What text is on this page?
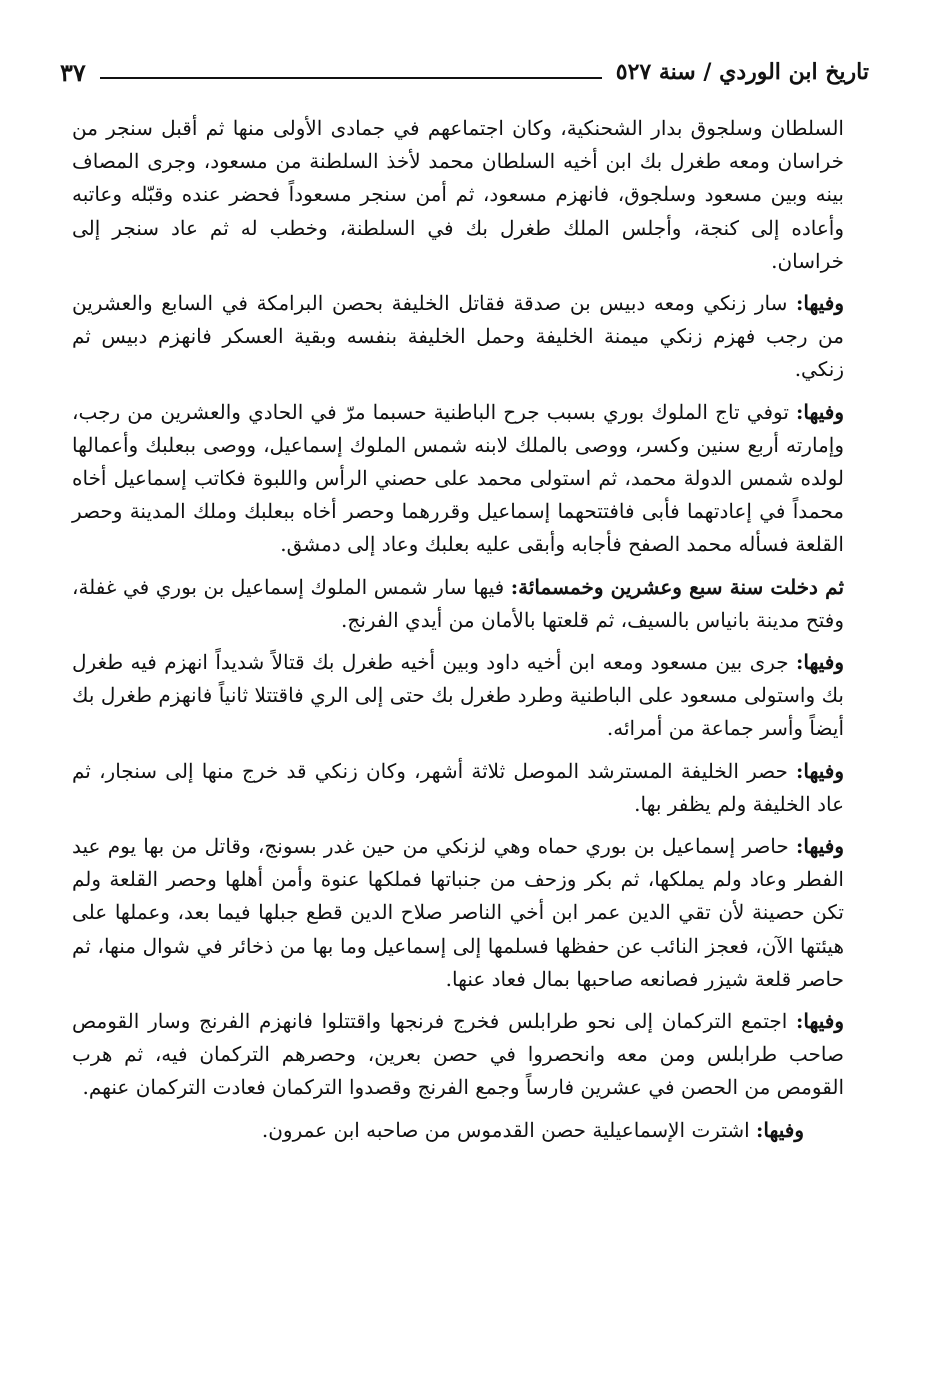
تاريخ ابن الوردي / سنة ٥٢٧
٣٧

السلطان وسلجوق بدار الشحنكية، وكان اجتماعهم في جمادى الأولى منها ثم أقبل سنجر من خراسان ومعه طغرل بك ابن أخيه السلطان محمد لأخذ السلطنة من مسعود، وجرى المصاف بينه وبين مسعود وسلجوق، فانهزم مسعود، ثم أمن سنجر مسعوداً فحضر عنده وقبّله وعاتبه وأعاده إلى كنجة، وأجلس الملك طغرل بك في السلطنة، وخطب له ثم عاد سنجر إلى خراسان.

وفيها: سار زنكي ومعه دبيس بن صدقة فقاتل الخليفة بحصن البرامكة في السابع والعشرين من رجب فهزم زنكي ميمنة الخليفة وحمل الخليفة بنفسه وبقية العسكر فانهزم دبيس ثم زنكي.

وفيها: توفي تاج الملوك بوري بسبب جرح الباطنية حسبما مرّ في الحادي والعشرين من رجب، وإمارته أربع سنين وكسر، ووصى بالملك لابنه شمس الملوك إسماعيل، ووصى ببعلبك وأعمالها لولده شمس الدولة محمد، ثم استولى محمد على حصني الرأس واللبوة فكاتب إسماعيل أخاه محمداً في إعادتهما فأبى فافتتحهما إسماعيل وقررهما وحصر أخاه ببعلبك وملك المدينة وحصر القلعة فسأله محمد الصفح فأجابه وأبقى عليه بعلبك وعاد إلى دمشق.

ثم دخلت سنة سبع وعشرين وخمسمائة: فيها سار شمس الملوك إسماعيل بن بوري في غفلة، وفتح مدينة بانياس بالسيف، ثم قلعتها بالأمان من أيدي الفرنج.

وفيها: جرى بين مسعود ومعه ابن أخيه داود وبين أخيه طغرل بك قتالاً شديداً انهزم فيه طغرل بك واستولى مسعود على الباطنية وطرد طغرل بك حتى إلى الري فاقتتلا ثانياً فانهزم طغرل بك أيضاً وأسر جماعة من أمرائه.

وفيها: حصر الخليفة المسترشد الموصل ثلاثة أشهر، وكان زنكي قد خرج منها إلى سنجار، ثم عاد الخليفة ولم يظفر بها.

وفيها: حاصر إسماعيل بن بوري حماه وهي لزنكي من حين غدر بسونج، وقاتل من بها يوم عيد الفطر وعاد ولم يملكها، ثم بكر وزحف من جنباتها فملكها عنوة وأمن أهلها وحصر القلعة ولم تكن حصينة لأن تقي الدين عمر ابن أخي الناصر صلاح الدين قطع جبلها فيما بعد، وعملها على هيئتها الآن، فعجز النائب عن حفظها فسلمها إلى إسماعيل وما بها من ذخائر في شوال منها، ثم حاصر قلعة شيزر فصانعه صاحبها بمال فعاد عنها.

وفيها: اجتمع التركمان إلى نحو طرابلس فخرج فرنجها واقتتلوا فانهزم الفرنج وسار القومص صاحب طرابلس ومن معه وانحصروا في حصن بعرين، وحصرهم التركمان فيه، ثم هرب القومص من الحصن في عشرين فارساً وجمع الفرنج وقصدوا التركمان فعادت التركمان عنهم.

وفيها: اشترت الإسماعيلية حصن القدموس من صاحبه ابن عمرون.
